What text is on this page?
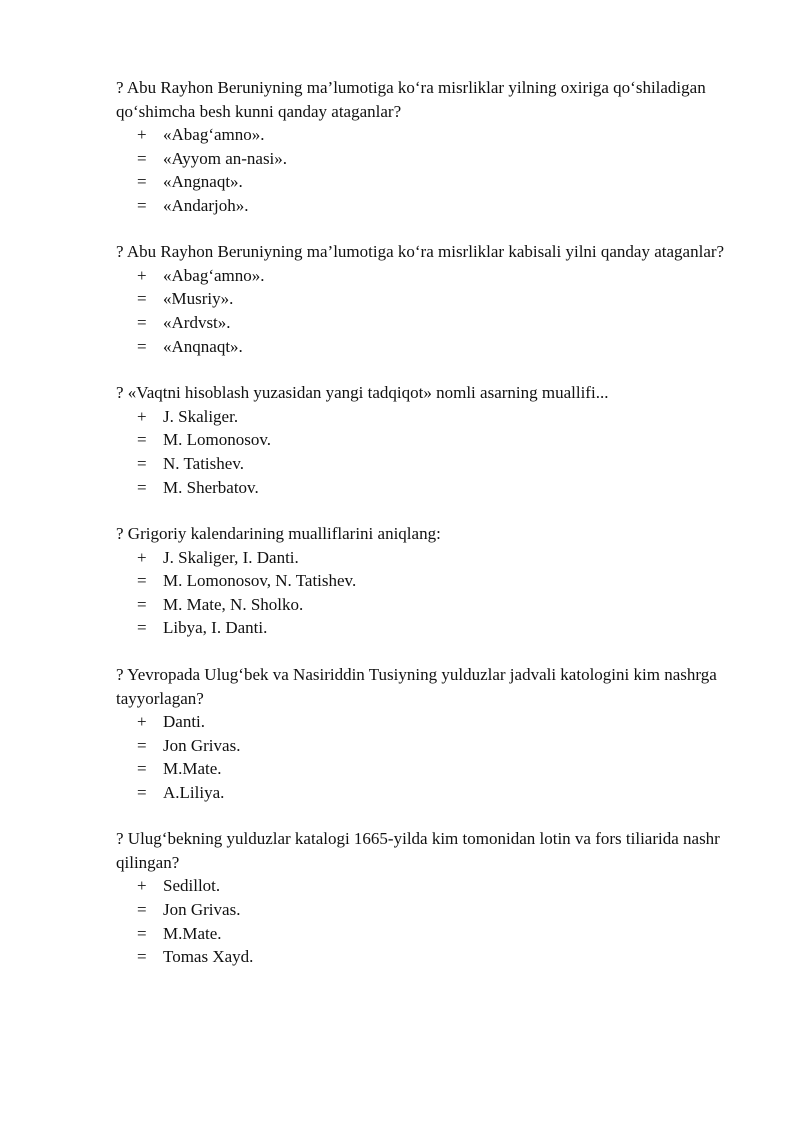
? Abu Rayhon Beruniyning ma’lumotiga ko‘ra misrliklar yilning oxiriga qo‘shiladigan qo‘shimcha besh kunni qanday ataganlar?

+ «Abag‘amno».
= «Ayyom an-nasi».
= «Angnaqt».
= «Andarjoh».

? Abu Rayhon Beruniyning ma’lumotiga ko‘ra misrliklar kabisali yilni qanday ataganlar?

+ «Abag‘amno».
= «Musriy».
= «Ardvst».
= «Anqnaqt».

? «Vaqtni hisoblash yuzasidan yangi tadqiqot» nomli asarning muallifi...

+ J. Skaliger.
= M. Lomonosov.
= N. Tatishev.
= M. Sherbatov.

? Grigoriy kalendarining mualliflarini aniqlang:

+ J. Skaliger, I. Danti.
= M. Lomonosov, N. Tatishev.
= M. Mate, N. Sholko.
= Libya, I. Danti.

? Yevropada Ulug‘bek va Nasiriddin Tusiyning yulduzlar jadvali katologini kim nashrga tayyorlagan?

+ Danti.
= Jon Grivas.
= M.Mate.
= A.Liliya.

? Ulug‘bekning yulduzlar katalogi 1665-yilda kim tomonidan lotin va fors tiliarida nashr qilingan?

+ Sedillot.
= Jon Grivas.
= M.Mate.
= Tomas Xayd.
